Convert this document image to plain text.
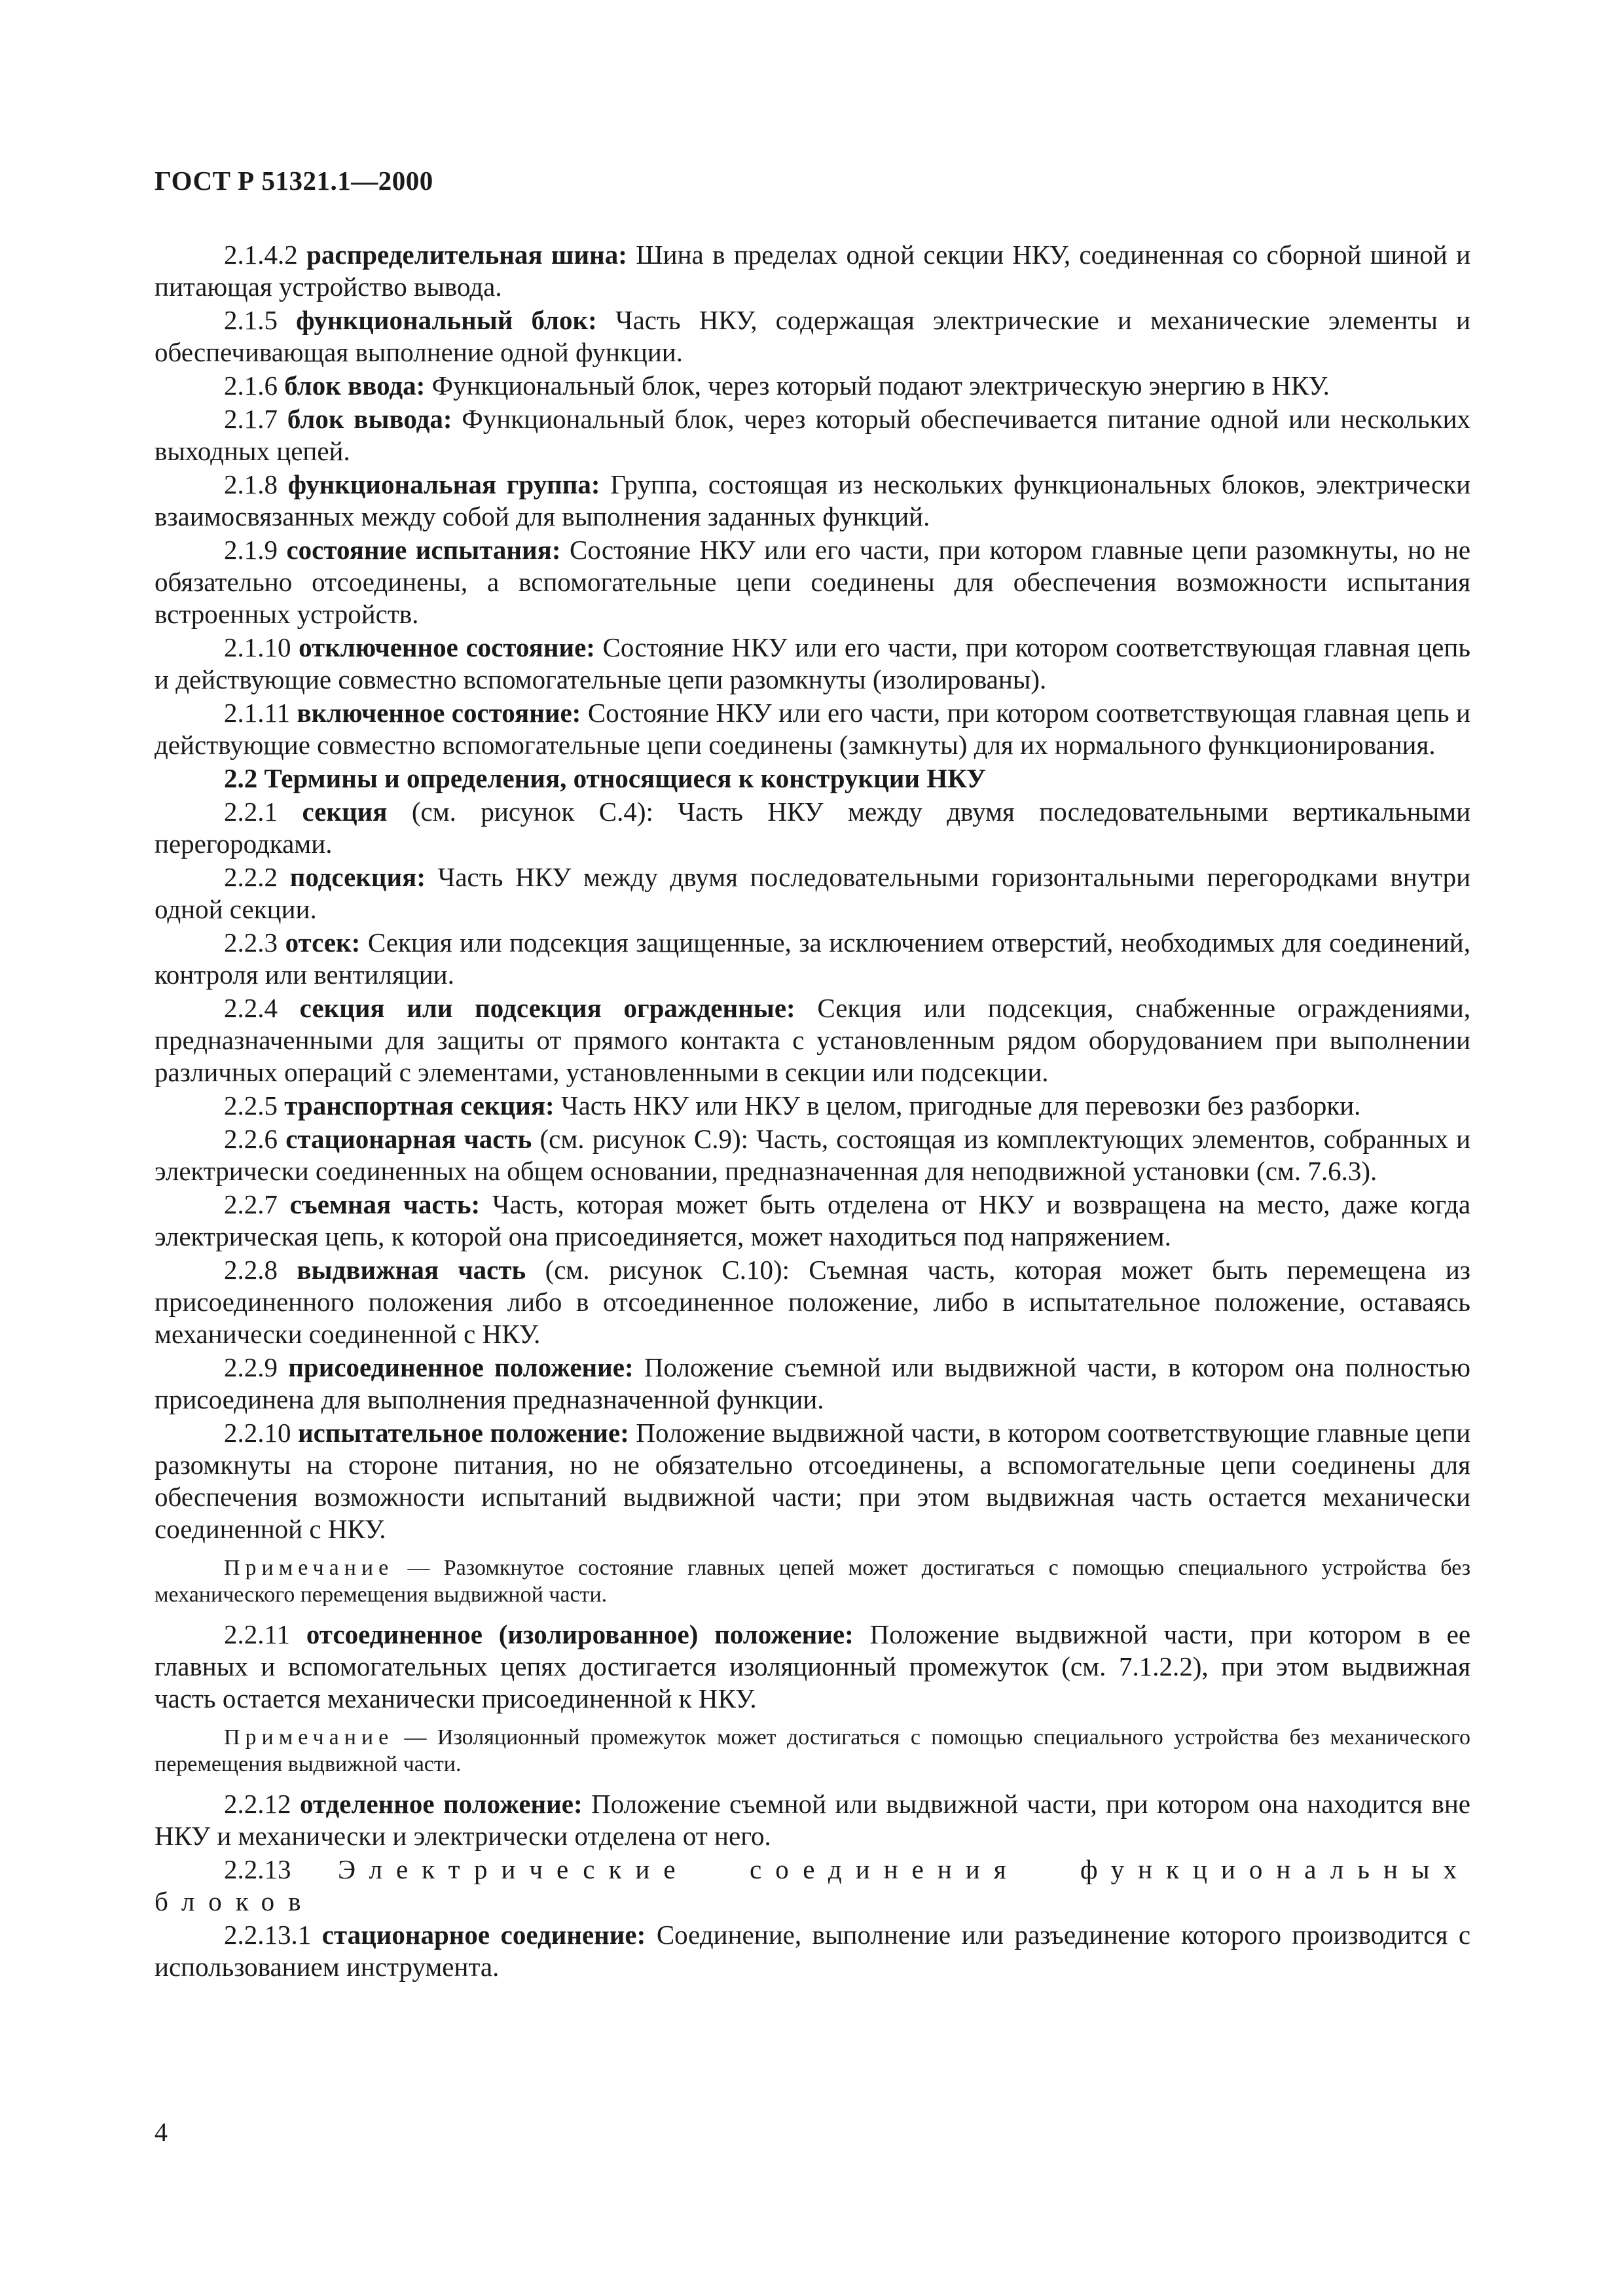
ГОСТ Р 51321.1—2000
2.1.4.2 распределительная шина: Шина в пределах одной секции НКУ, соединенная со сборной шиной и питающая устройство вывода.
2.1.5 функциональный блок: Часть НКУ, содержащая электрические и механические элементы и обеспечивающая выполнение одной функции.
2.1.6 блок ввода: Функциональный блок, через который подают электрическую энергию в НКУ.
2.1.7 блок вывода: Функциональный блок, через который обеспечивается питание одной или нескольких выходных цепей.
2.1.8 функциональная группа: Группа, состоящая из нескольких функциональных блоков, электрически взаимосвязанных между собой для выполнения заданных функций.
2.1.9 состояние испытания: Состояние НКУ или его части, при котором главные цепи разомкнуты, но не обязательно отсоединены, а вспомогательные цепи соединены для обеспечения возможности испытания встроенных устройств.
2.1.10 отключенное состояние: Состояние НКУ или его части, при котором соответствующая главная цепь и действующие совместно вспомогательные цепи разомкнуты (изолированы).
2.1.11 включенное состояние: Состояние НКУ или его части, при котором соответствующая главная цепь и действующие совместно вспомогательные цепи соединены (замкнуты) для их нормального функционирования.
2.2 Термины и определения, относящиеся к конструкции НКУ
2.2.1 секция (см. рисунок С.4): Часть НКУ между двумя последовательными вертикальными перегородками.
2.2.2 подсекция: Часть НКУ между двумя последовательными горизонтальными перегородками внутри одной секции.
2.2.3 отсек: Секция или подсекция защищенные, за исключением отверстий, необходимых для соединений, контроля или вентиляции.
2.2.4 секция или подсекция огражденные: Секция или подсекция, снабженные ограждениями, предназначенными для защиты от прямого контакта с установленным рядом оборудованием при выполнении различных операций с элементами, установленными в секции или подсекции.
2.2.5 транспортная секция: Часть НКУ или НКУ в целом, пригодные для перевозки без разборки.
2.2.6 стационарная часть (см. рисунок С.9): Часть, состоящая из комплектующих элементов, собранных и электрически соединенных на общем основании, предназначенная для неподвижной установки (см. 7.6.3).
2.2.7 съемная часть: Часть, которая может быть отделена от НКУ и возвращена на место, даже когда электрическая цепь, к которой она присоединяется, может находиться под напряжением.
2.2.8 выдвижная часть (см. рисунок С.10): Съемная часть, которая может быть перемещена из присоединенного положения либо в отсоединенное положение, либо в испытательное положение, оставаясь механически соединенной с НКУ.
2.2.9 присоединенное положение: Положение съемной или выдвижной части, в котором она полностью присоединена для выполнения предназначенной функции.
2.2.10 испытательное положение: Положение выдвижной части, в котором соответствующие главные цепи разомкнуты на стороне питания, но не обязательно отсоединены, а вспомогательные цепи соединены для обеспечения возможности испытаний выдвижной части; при этом выдвижная часть остается механически соединенной с НКУ.
Примечание — Разомкнутое состояние главных цепей может достигаться с помощью специального устройства без механического перемещения выдвижной части.
2.2.11 отсоединенное (изолированное) положение: Положение выдвижной части, при котором в ее главных и вспомогательных цепях достигается изоляционный промежуток (см. 7.1.2.2), при этом выдвижная часть остается механически присоединенной к НКУ.
Примечание — Изоляционный промежуток может достигаться с помощью специального устройства без механического перемещения выдвижной части.
2.2.12 отделенное положение: Положение съемной или выдвижной части, при котором она находится вне НКУ и механически и электрически отделена от него.
2.2.13 Электрические соединения функциональных блоков
2.2.13.1 стационарное соединение: Соединение, выполнение или разъединение которого производится с использованием инструмента.
4
